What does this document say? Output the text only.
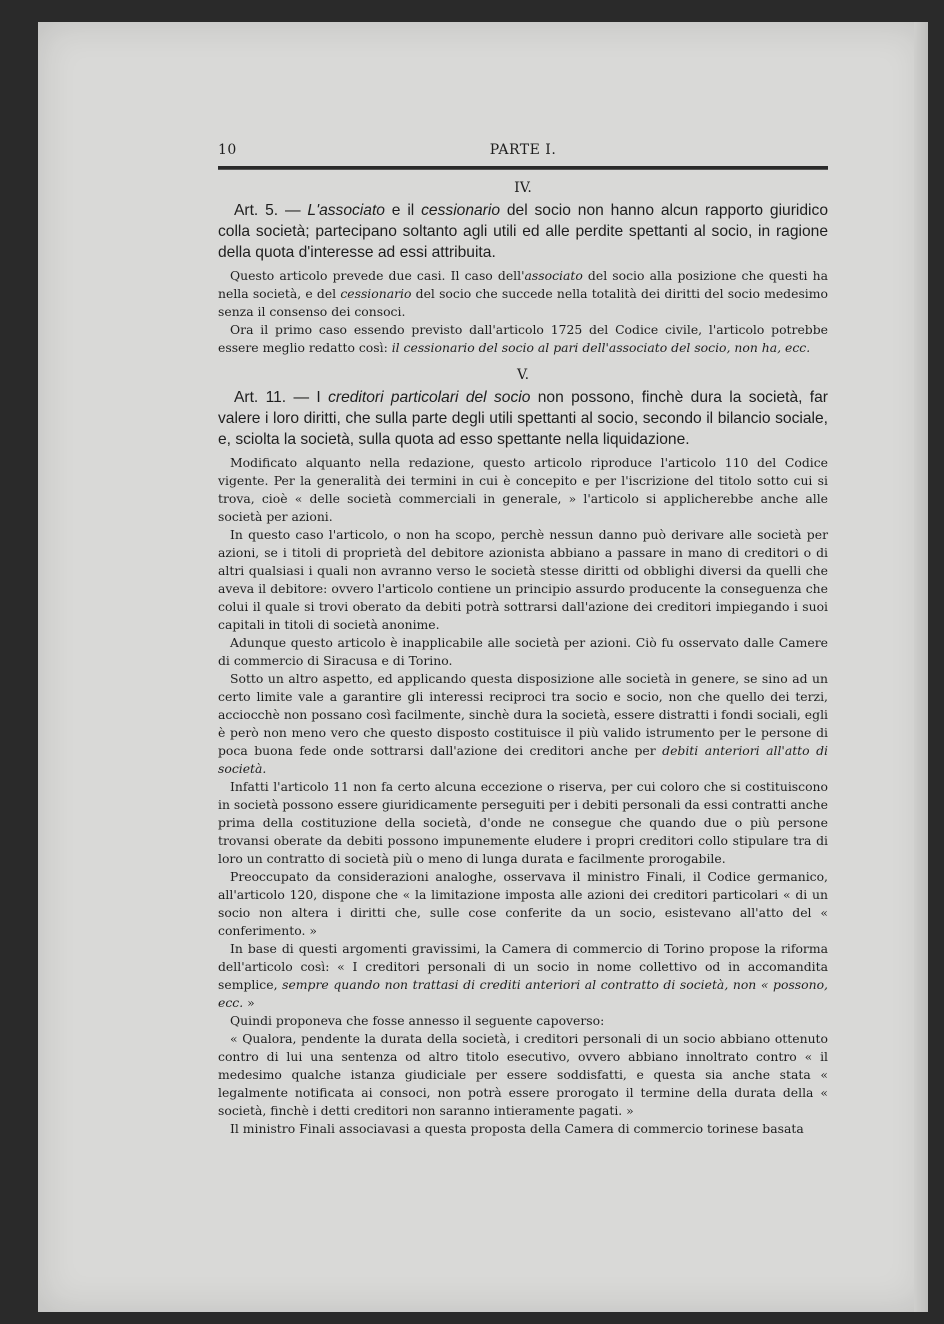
10	PARTE I.
IV.

Art. 5. — L'associato e il cessionario del socio non hanno alcun rapporto giuridico colla società; partecipano soltanto agli utili ed alle perdite spettanti al socio, in ragione della quota d'interesse ad essi attribuita.

Questo articolo prevede due casi. Il caso dell'associato del socio alla posizione che questi ha nella società, e del cessionario del socio che succede nella totalità dei diritti del socio medesimo senza il consenso dei consoci.

Ora il primo caso essendo previsto dall'articolo 1725 del Codice civile, l'articolo potrebbe essere meglio redatto così: il cessionario del socio al pari dell'associato del socio, non ha, ecc.

V.

Art. 11. — I creditori particolari del socio non possono, finchè dura la società, far valere i loro diritti, che sulla parte degli utili spettanti al socio, secondo il bilancio sociale, e, sciolta la società, sulla quota ad esso spettante nella liquidazione.

Modificato alquanto nella redazione, questo articolo riproduce l'articolo 110 del Codice vigente. Per la generalità dei termini in cui è concepito e per l'iscrizione del titolo sotto cui si trova, cioè « delle società commerciali in generale, » l'articolo si applicherebbe anche alle società per azioni.

In questo caso l'articolo, o non ha scopo, perchè nessun danno può derivare alle società per azioni, se i titoli di proprietà del debitore azionista abbiano a passare in mano di creditori o di altri qualsiasi i quali non avranno verso le società stesse diritti od obblighi diversi da quelli che aveva il debitore: ovvero l'articolo contiene un principio assurdo producente la conseguenza che colui il quale si trovi oberato da debiti potrà sottrarsi dall'azione dei creditori impiegando i suoi capitali in titoli di società anonime.

Adunque questo articolo è inapplicabile alle società per azioni. Ciò fu osservato dalle Camere di commercio di Siracusa e di Torino.

Sotto un altro aspetto, ed applicando questa disposizione alle società in genere, se sino ad un certo limite vale a garantire gli interessi reciproci tra socio e socio, non che quello dei terzi, acciocchè non possano così facilmente, sinchè dura la società, essere distratti i fondi sociali, egli è però non meno vero che questo disposto costituisce il più valido istrumento per le persone di poca buona fede onde sottrarsi dall'azione dei creditori anche per debiti anteriori all'atto di società.

Infatti l'articolo 11 non fa certo alcuna eccezione o riserva, per cui coloro che si costituiscono in società possono essere giuridicamente perseguiti per i debiti personali da essi contratti anche prima della costituzione della società, d'onde ne consegue che quando due o più persone trovansi oberate da debiti possono impunemente eludere i propri creditori collo stipulare tra di loro un contratto di società più o meno di lunga durata e facilmente prorogabile.

Preoccupato da considerazioni analoghe, osservava il ministro Finali, il Codice germanico, all'articolo 120, dispone che « la limitazione imposta alle azioni dei creditori particolari « di un socio non altera i diritti che, sulle cose conferite da un socio, esistevano all'atto del « conferimento. »

In base di questi argomenti gravissimi, la Camera di commercio di Torino propose la riforma dell'articolo così: « I creditori personali di un socio in nome collettivo od in accomandita semplice, sempre quando non trattasi di crediti anteriori al contratto di società, non « possono, ecc. »

Quindi proponeva che fosse annesso il seguente capoverso:

« Qualora, pendente la durata della società, i creditori personali di un socio abbiano ottenuto contro di lui una sentenza od altro titolo esecutivo, ovvero abbiano innoltrato contro « il medesimo qualche istanza giudiciale per essere soddisfatti, e questa sia anche stata « legalmente notificata ai consoci, non potrà essere prorogato il termine della durata della « società, finchè i detti creditori non saranno intieramente pagati. »

Il ministro Finali associavasi a questa proposta della Camera di commercio torinese basata
